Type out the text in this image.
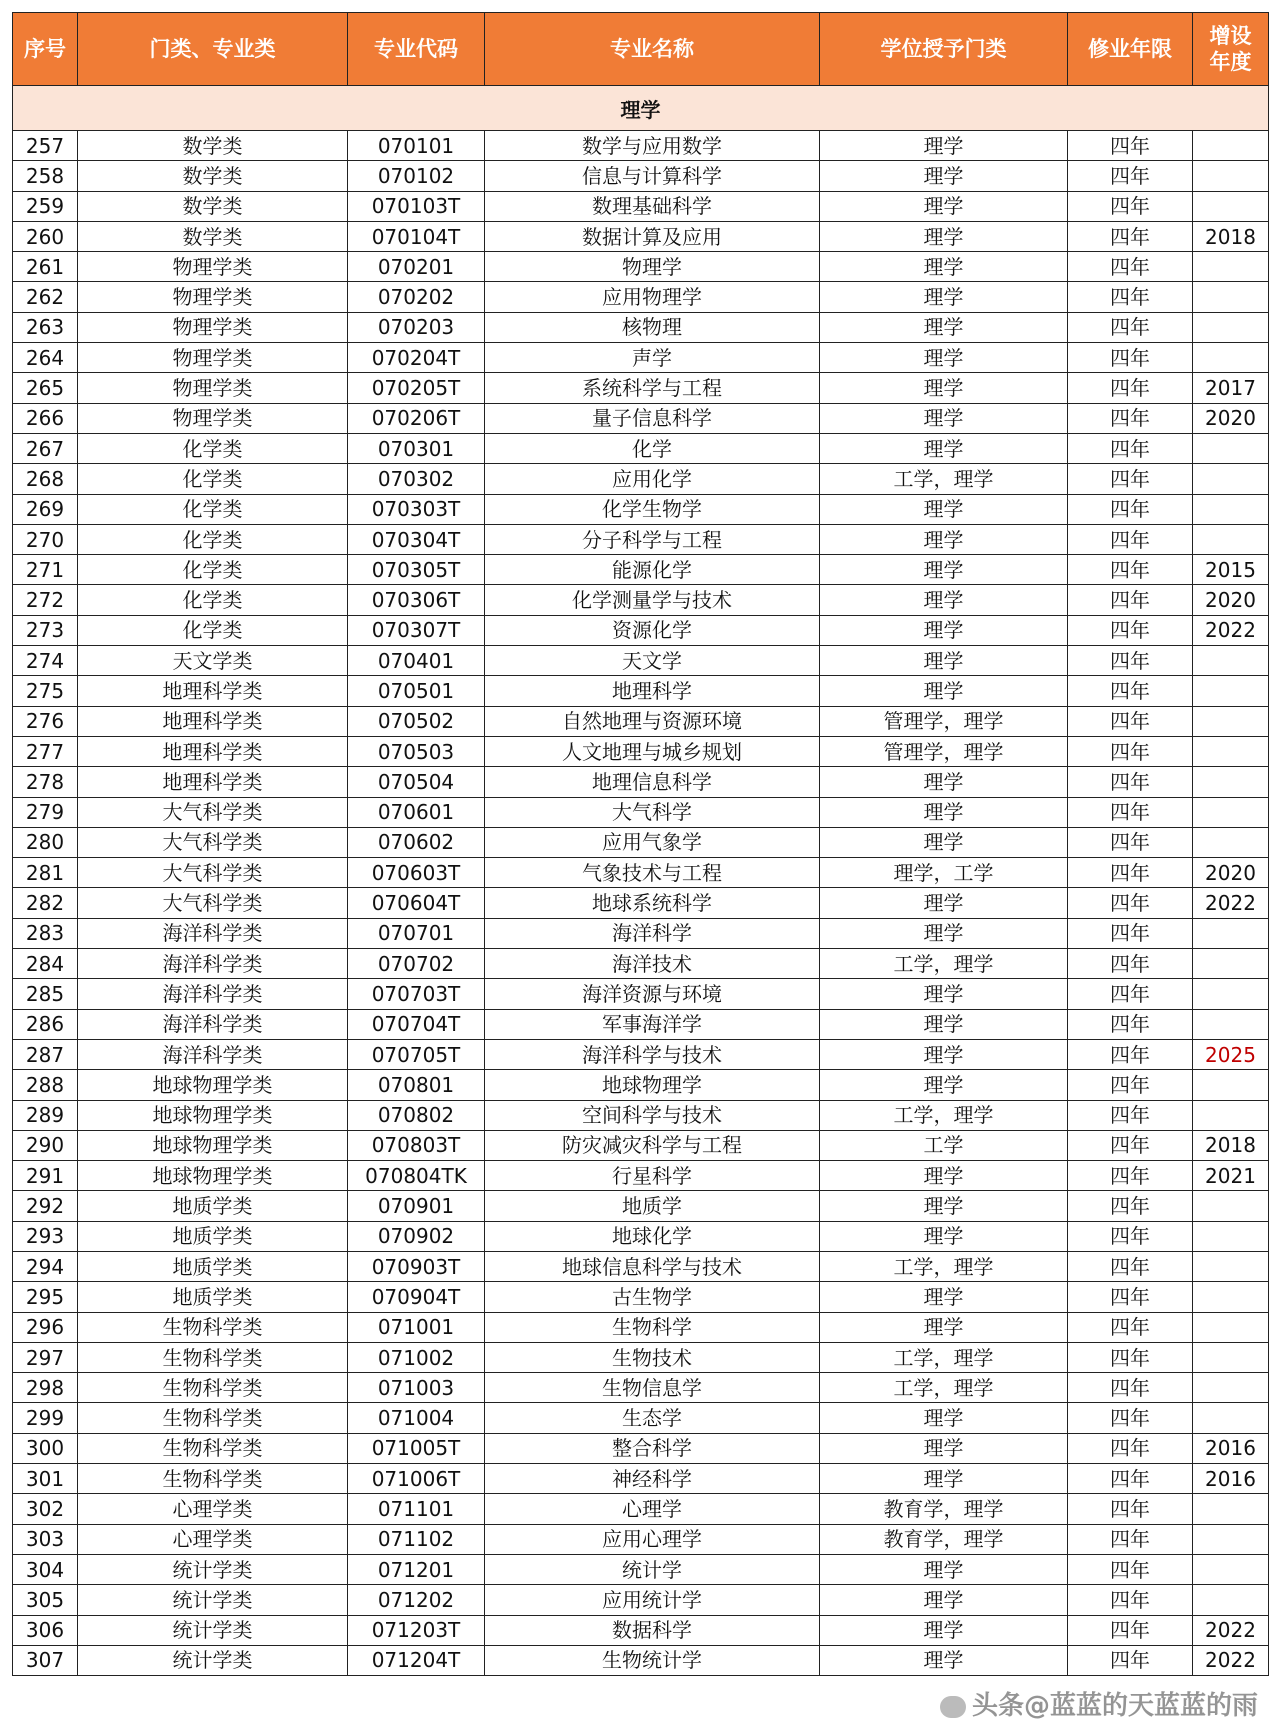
序号	门类、专业类	专业代码	专业名称	学位授予门类	修业年限	增设年度
理学						
257	数学类	070101	数学与应用数学	理学	四年	
258	数学类	070102	信息与计算科学	理学	四年	
259	数学类	070103T	数理基础科学	理学	四年	
260	数学类	070104T	数据计算及应用	理学	四年	2018
261	物理学类	070201	物理学	理学	四年	
262	物理学类	070202	应用物理学	理学	四年	
263	物理学类	070203	核物理	理学	四年	
264	物理学类	070204T	声学	理学	四年	
265	物理学类	070205T	系统科学与工程	理学	四年	2017
266	物理学类	070206T	量子信息科学	理学	四年	2020
267	化学类	070301	化学	理学	四年	
268	化学类	070302	应用化学	工学，理学	四年	
269	化学类	070303T	化学生物学	理学	四年	
270	化学类	070304T	分子科学与工程	理学	四年	
271	化学类	070305T	能源化学	理学	四年	2015
272	化学类	070306T	化学测量学与技术	理学	四年	2020
273	化学类	070307T	资源化学	理学	四年	2022
274	天文学类	070401	天文学	理学	四年	
275	地理科学类	070501	地理科学	理学	四年	
276	地理科学类	070502	自然地理与资源环境	管理学，理学	四年	
277	地理科学类	070503	人文地理与城乡规划	管理学，理学	四年	
278	地理科学类	070504	地理信息科学	理学	四年	
279	大气科学类	070601	大气科学	理学	四年	
280	大气科学类	070602	应用气象学	理学	四年	
281	大气科学类	070603T	气象技术与工程	理学，工学	四年	2020
282	大气科学类	070604T	地球系统科学	理学	四年	2022
283	海洋科学类	070701	海洋科学	理学	四年	
284	海洋科学类	070702	海洋技术	工学，理学	四年	
285	海洋科学类	070703T	海洋资源与环境	理学	四年	
286	海洋科学类	070704T	军事海洋学	理学	四年	
287	海洋科学类	070705T	海洋科学与技术	理学	四年	2025
288	地球物理学类	070801	地球物理学	理学	四年	
289	地球物理学类	070802	空间科学与技术	工学，理学	四年	
290	地球物理学类	070803T	防灾减灾科学与工程	工学	四年	2018
291	地球物理学类	070804TK	行星科学	理学	四年	2021
292	地质学类	070901	地质学	理学	四年	
293	地质学类	070902	地球化学	理学	四年	
294	地质学类	070903T	地球信息科学与技术	工学，理学	四年	
295	地质学类	070904T	古生物学	理学	四年	
296	生物科学类	071001	生物科学	理学	四年	
297	生物科学类	071002	生物技术	工学，理学	四年	
298	生物科学类	071003	生物信息学	工学，理学	四年	
299	生物科学类	071004	生态学	理学	四年	
300	生物科学类	071005T	整合科学	理学	四年	2016
301	生物科学类	071006T	神经科学	理学	四年	2016
302	心理学类	071101	心理学	教育学，理学	四年	
303	心理学类	071102	应用心理学	教育学，理学	四年	
304	统计学类	071201	统计学	理学	四年	
305	统计学类	071202	应用统计学	理学	四年	
306	统计学类	071203T	数据科学	理学	四年	2022
307	统计学类	071204T	生物统计学	理学	四年	2022
头条@蓝蓝的天蓝蓝的雨
